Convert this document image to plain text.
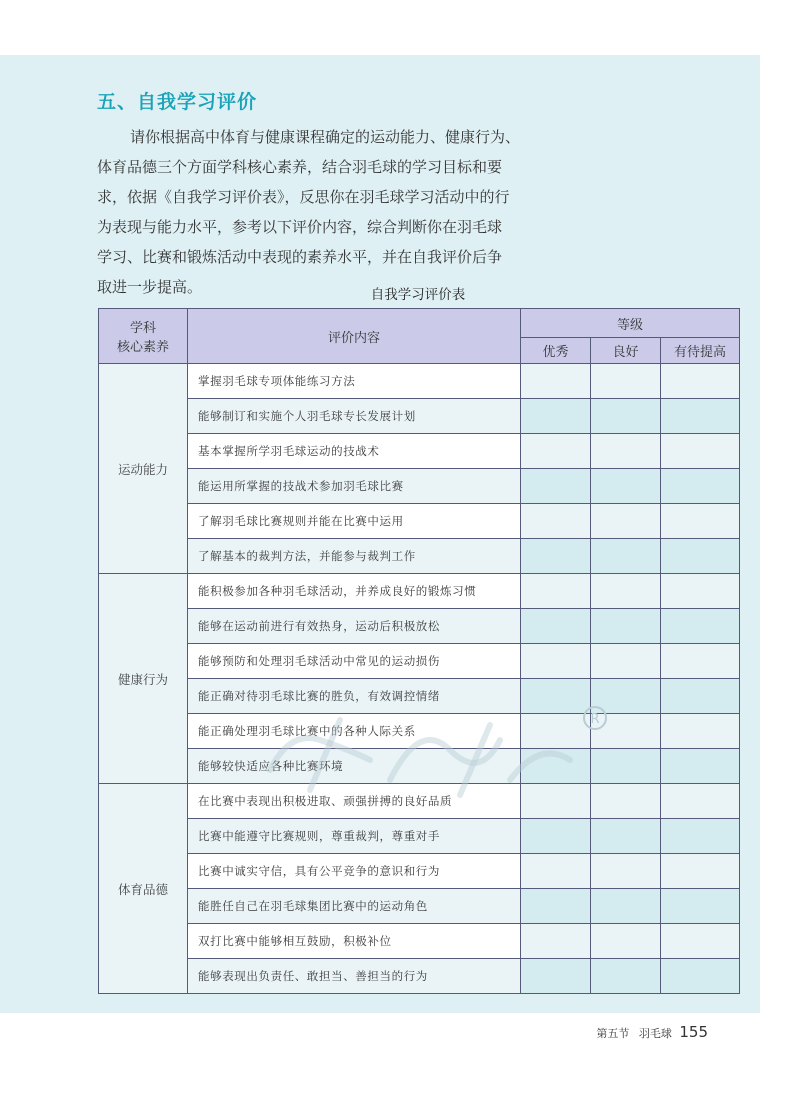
五、自我学习评价

请你根据高中体育与健康课程确定的运动能力、健康行为、
体育品德三个方面学科核心素养，结合羽毛球的学习目标和要
求，依据《自我学习评价表》，反思你在羽毛球学习活动中的行
为表现与能力水平，参考以下评价内容，综合判断你在羽毛球
学习、比赛和锻炼活动中表现的素养水平，并在自我评价后争
取进一步提高。	自我学习评价表

学科
核心素养	评价内容	等级		
		优秀	良好	有待提高
运动能力	掌握羽毛球专项体能练习方法			
	能够制订和实施个人羽毛球专长发展计划			
	基本掌握所学羽毛球运动的技战术			
	能运用所掌握的技战术参加羽毛球比赛			
	了解羽毛球比赛规则并能在比赛中运用			
	了解基本的裁判方法，并能参与裁判工作			
健康行为	能积极参加各种羽毛球活动，并养成良好的锻炼习惯			
	能够在运动前进行有效热身，运动后积极放松			
	能够预防和处理羽毛球活动中常见的运动损伤			
	能正确对待羽毛球比赛的胜负，有效调控情绪			
	能正确处理羽毛球比赛中的各种人际关系			
	能够较快适应各种比赛环境			
体育品德	在比赛中表现出积极进取、顽强拼搏的良好品质			
	比赛中能遵守比赛规则，尊重裁判，尊重对手			
	比赛中诚实守信，具有公平竞争的意识和行为			
	能胜任自己在羽毛球集团比赛中的运动角色			
	双打比赛中能够相互鼓励，积极补位			
	能够表现出负责任、敢担当、善担当的行为			
R
第五节 羽毛球 155
